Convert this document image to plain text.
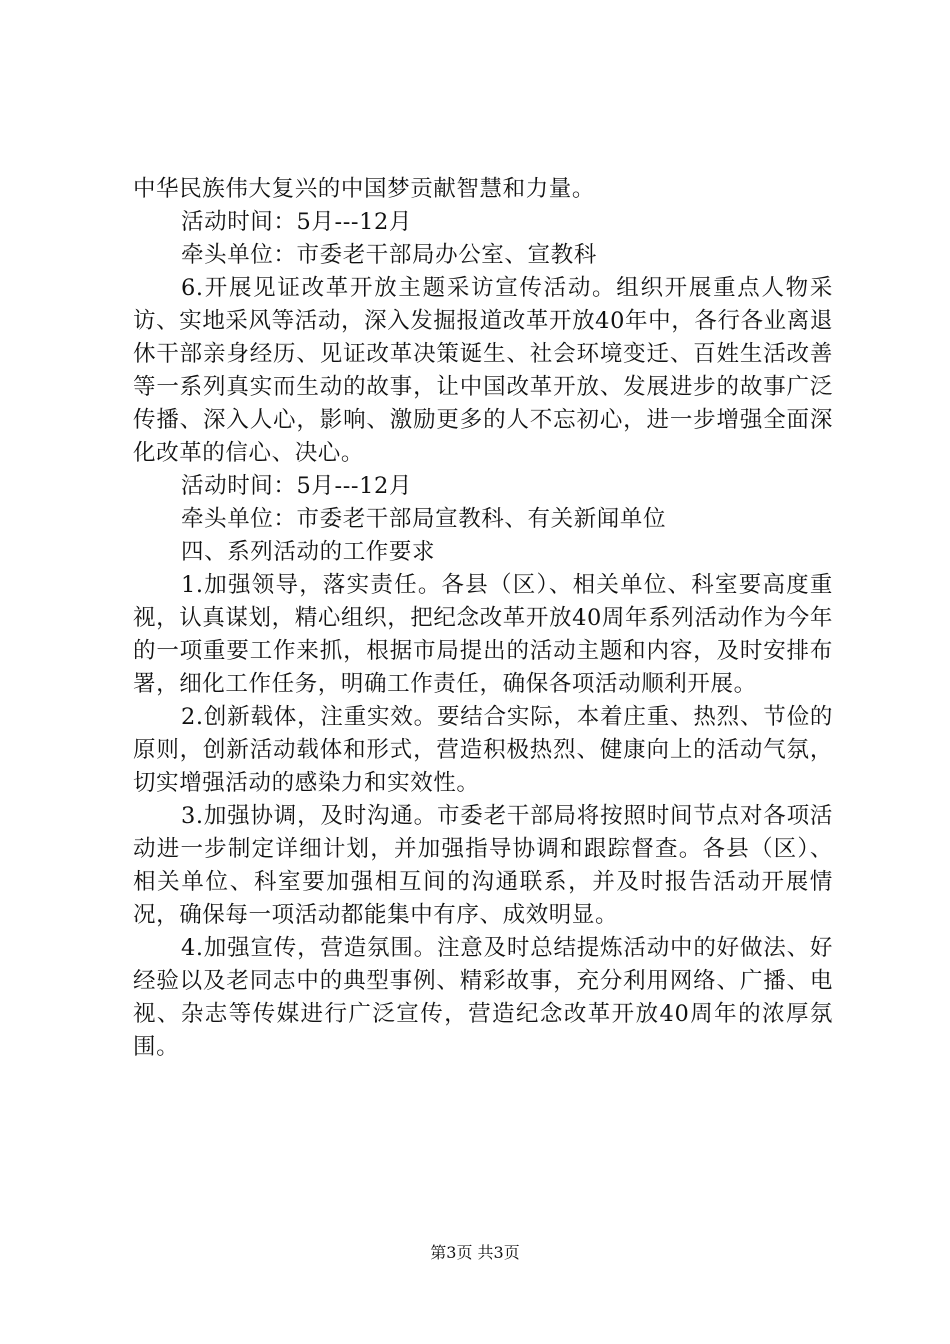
中华民族伟大复兴的中国梦贡献智慧和力量。

活动时间：5月---12月

牵头单位：市委老干部局办公室、宣教科

6.开展见证改革开放主题采访宣传活动。组织开展重点人物采访、实地采风等活动，深入发掘报道改革开放40年中，各行各业离退休干部亲身经历、见证改革决策诞生、社会环境变迁、百姓生活改善等一系列真实而生动的故事，让中国改革开放、发展进步的故事广泛传播、深入人心，影响、激励更多的人不忘初心，进一步增强全面深化改革的信心、决心。

活动时间：5月---12月

牵头单位：市委老干部局宣教科、有关新闻单位

四、系列活动的工作要求

1.加强领导，落实责任。各县（区）、相关单位、科室要高度重视，认真谋划，精心组织，把纪念改革开放40周年系列活动作为今年的一项重要工作来抓，根据市局提出的活动主题和内容，及时安排布署，细化工作任务，明确工作责任，确保各项活动顺利开展。

2.创新载体，注重实效。要结合实际，本着庄重、热烈、节俭的原则，创新活动载体和形式，营造积极热烈、健康向上的活动气氛，切实增强活动的感染力和实效性。

3.加强协调，及时沟通。市委老干部局将按照时间节点对各项活动进一步制定详细计划，并加强指导协调和跟踪督查。各县（区）、相关单位、科室要加强相互间的沟通联系，并及时报告活动开展情况，确保每一项活动都能集中有序、成效明显。

4.加强宣传，营造氛围。注意及时总结提炼活动中的好做法、好经验以及老同志中的典型事例、精彩故事，充分利用网络、广播、电视、杂志等传媒进行广泛宣传，营造纪念改革开放40周年的浓厚氛围。

第3页 共3页
